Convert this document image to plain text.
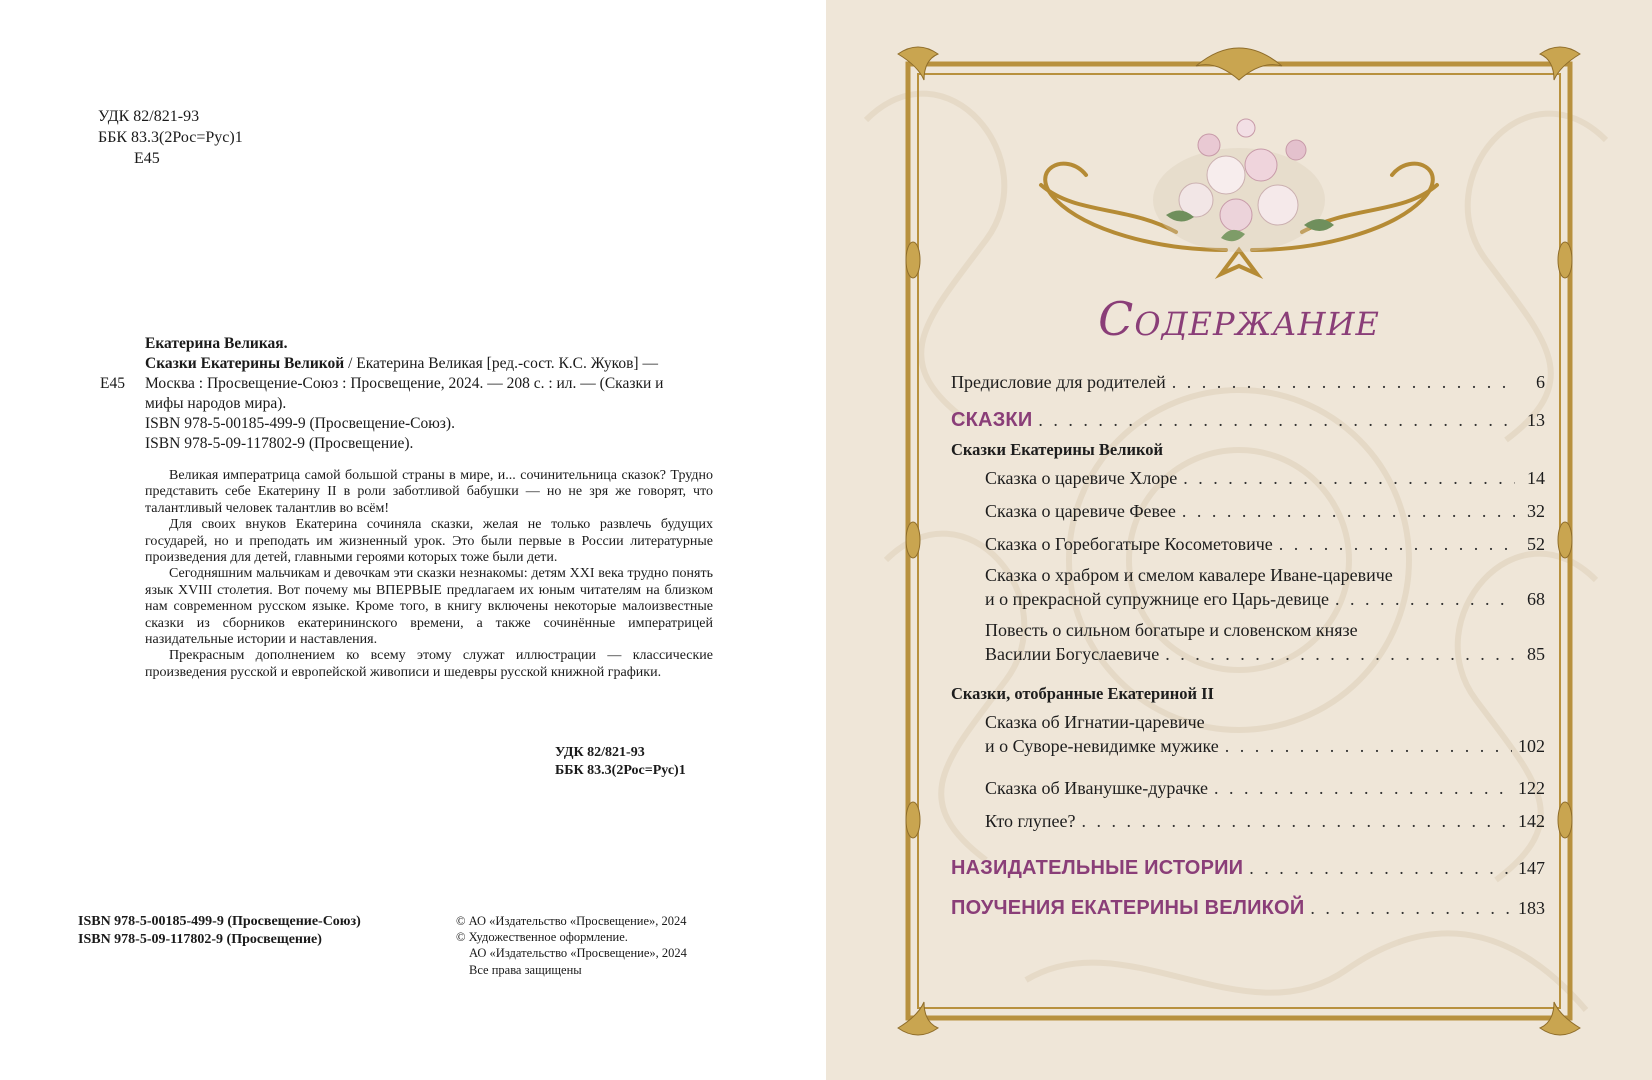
УДК 82/821-93
ББК 83.3(2Рос=Рус)1
Е45
Екатерина Великая.
Сказки Екатерины Великой / Екатерина Великая [ред.-сост. К.С. Жуков] —
Е45 Москва : Просвещение-Союз : Просвещение, 2024. — 208 с. : ил. — (Сказки и
мифы народов мира).
ISBN 978-5-00185-499-9 (Просвещение-Союз).
ISBN 978-5-09-117802-9 (Просвещение).

Великая императрица самой большой страны в мире, и... сочинительница сказок? Трудно представить себе Екатерину II в роли заботливой бабушки — но не зря же говорят, что талантливый человек талантлив во всём!

Для своих внуков Екатерина сочиняла сказки, желая не только развлечь будущих государей, но и преподать им жизненный урок. Это были первые в России литературные произведения для детей, главными героями которых тоже были дети.

Сегодняшним мальчикам и девочкам эти сказки незнакомы: детям XXI века трудно понять язык XVIII столетия. Вот почему мы ВПЕРВЫЕ предлагаем их юным читателям на близком нам современном русском языке. Кроме того, в книгу включены некоторые малоизвестные сказки из сборников екатерининского времени, а также сочинённые императрицей назидательные истории и наставления.

Прекрасным дополнением ко всему этому служат иллюстрации — классические произведения русской и европейской живописи и шедевры русской книжной графики.

УДК 82/821-93
ББК 83.3(2Рос=Рус)1
ISBN 978-5-00185-499-9 (Просвещение-Союз)
ISBN 978-5-09-117802-9 (Просвещение)
© АО «Издательство «Просвещение», 2024
© Художественное оформление.
АО «Издательство «Просвещение», 2024
Все права защищены
Содержание
Предисловие для родителей . . .	6
СКАЗКИ . . .	13
Сказки Екатерины Великой
Сказка о царевиче Хлоре . . .	14
Сказка о царевиче Февее . . .	32
Сказка о Горебогатыре Косометовиче . . .	52
Сказка о храбром и смелом кавалере Иване-царевиче
и о прекрасной супружнице его Царь-девице . . .	68
Повесть о сильном богатыре и словенском князе
Василии Богуслаевиче . . .	85
Сказки, отобранные Екатериной II
Сказка об Игнатии-царевиче
и о Суворе-невидимке мужике . . .	102
Сказка об Иванушке-дурачке . . .	122
Кто глупее? . . .	142
НАЗИДАТЕЛЬНЫЕ ИСТОРИИ . . .	147
ПОУЧЕНИЯ ЕКАТЕРИНЫ ВЕЛИКОЙ . . .	183
